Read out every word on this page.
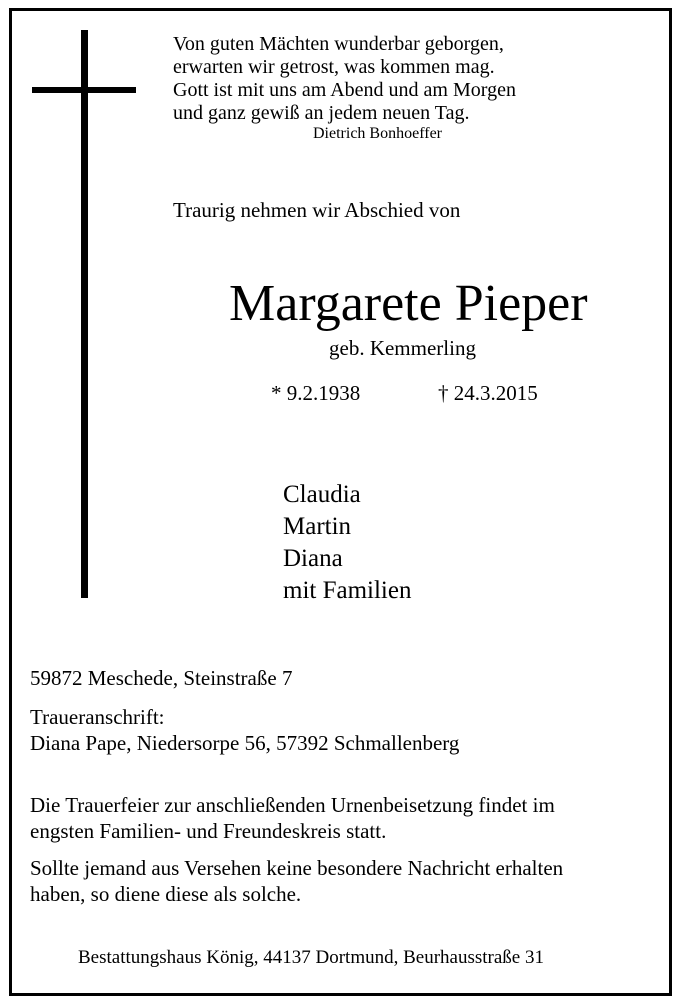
Von guten Mächten wunderbar geborgen,
erwarten wir getrost, was kommen mag.
Gott ist mit uns am Abend und am Morgen
und ganz gewiß an jedem neuen Tag.
Dietrich Bonhoeffer
Traurig nehmen wir Abschied von
Margarete Pieper
geb. Kemmerling
* 9.2.1938	† 24.3.2015
Claudia
Martin
Diana
mit Familien
59872 Meschede, Steinstraße 7
Traueranschrift:
Diana Pape, Niedersorpe 56, 57392 Schmallenberg
Die Trauerfeier zur anschließenden Urnenbeisetzung findet im
engsten Familien- und Freundeskreis statt.
Sollte jemand aus Versehen keine besondere Nachricht erhalten
haben, so diene diese als solche.
Bestattungshaus König, 44137 Dortmund, Beurhausstraße 31
